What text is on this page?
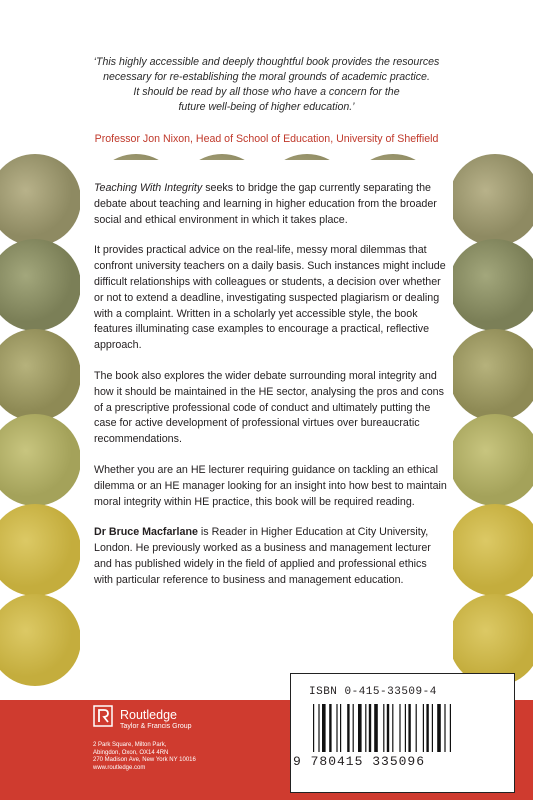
‘This highly accessible and deeply thoughtful book provides the resources
necessary for re-establishing the moral grounds of academic practice.
It should be read by all those who have a concern for the
future well-being of higher education.’
Professor Jon Nixon, Head of School of Education, University of Sheffield

Teaching With Integrity seeks to bridge the gap currently separating the debate about teaching and learning in higher education from the broader social and ethical environment in which it takes place.

It provides practical advice on the real-life, messy moral dilemmas that confront university teachers on a daily basis. Such instances might include difficult relationships with colleagues or students, a decision over whether or not to extend a deadline, investigating suspected plagiarism or dealing with a complaint. Written in a scholarly yet accessible style, the book features illuminating case examples to encourage a practical, reflective approach.

The book also explores the wider debate surrounding moral integrity and how it should be maintained in the HE sector, analysing the pros and cons of a prescriptive professional code of conduct and ultimately putting the case for active development of professional virtues over bureaucratic recommendations.

Whether you are an HE lecturer requiring guidance on tackling an ethical dilemma or an HE manager looking for an insight into how best to maintain moral integrity within HE practice, this book will be required reading.

Dr Bruce Macfarlane is Reader in Higher Education at City University, London. He previously worked as a business and management lecturer and has published widely in the field of applied and professional ethics with particular reference to business and management education.

Routledge
Taylor & Francis Group
2 Park Square, Milton Park,
Abingdon, Oxon, OX14 4RN
270 Madison Ave, New York NY 10016
www.routledge.com
ISBN 0-415-33509-4
9 780415 335096
